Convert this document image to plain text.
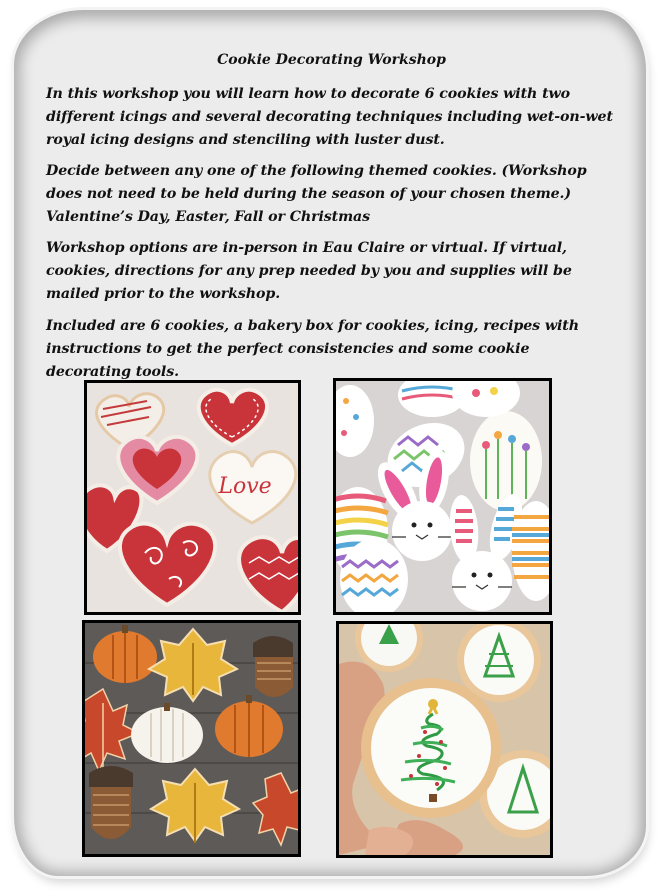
Cookie Decorating Workshop
In this workshop you will learn how to decorate 6 cookies with two different icings and several decorating techniques including wet-on-wet royal icing designs and stenciling with luster dust.
Decide between any one of the following themed cookies. (Workshop does not need to be held during the season of your chosen theme.) Valentine’s Day, Easter, Fall or Christmas
Workshop options are in-person in Eau Claire or virtual. If virtual, cookies, directions for any prep needed by you and supplies will be mailed prior to the workshop.
Included are 6 cookies, a bakery box for cookies, icing, recipes with instructions to get the perfect consistencies and some cookie decorating tools.
Love
